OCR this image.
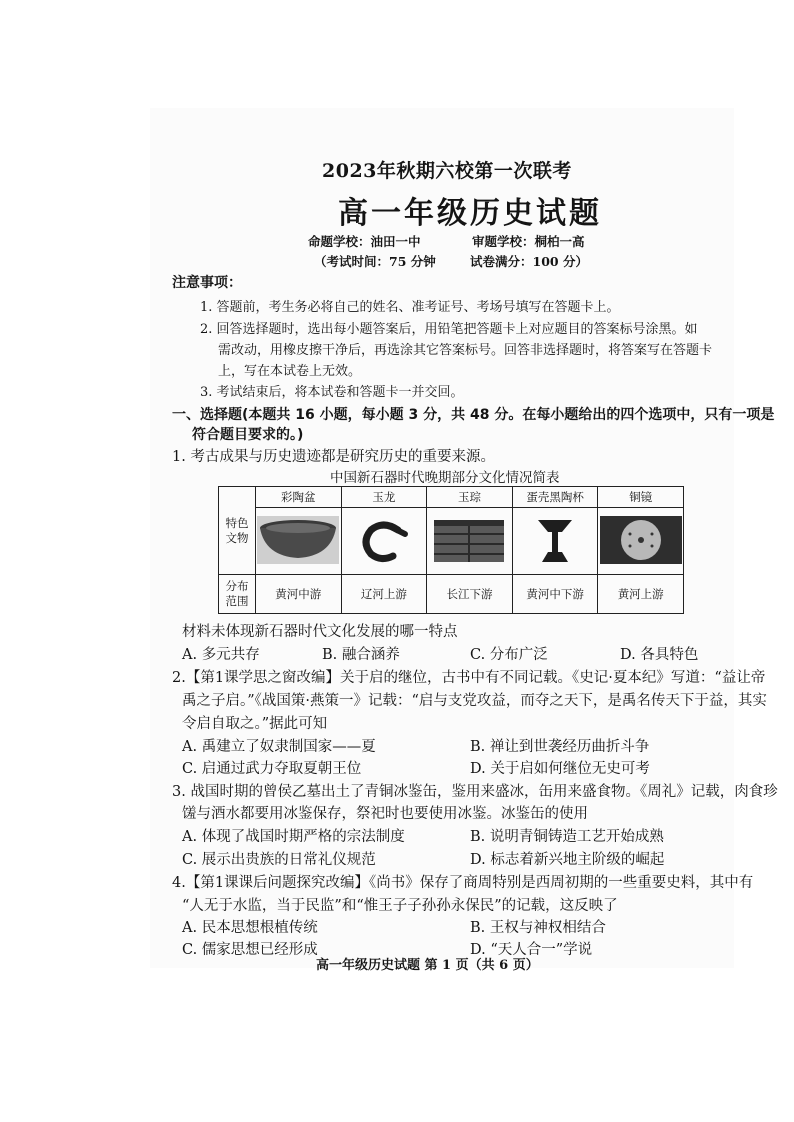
2023年秋期六校第一次联考
高一年级历史试题
命题学校：油田一中	审题学校：桐柏一高
（考试时间：75 分钟	试卷满分：100 分）
注意事项：
1. 答题前，考生务必将自己的姓名、准考证号、考场号填写在答题卡上。
2. 回答选择题时，选出每小题答案后，用铅笔把答题卡上对应题目的答案标号涂黑。如
需改动，用橡皮擦干净后，再选涂其它答案标号。回答非选择题时，将答案写在答题卡
上，写在本试卷上无效。
3. 考试结束后，将本试卷和答题卡一并交回。
一、选择题(本题共 16 小题，每小题 3 分，共 48 分。在每小题给出的四个选项中，只有一项是
符合题目要求的。)
1. 考古成果与历史遗迹都是研究历史的重要来源。
中国新石器时代晚期部分文化情况简表
特色
文物	彩陶盆	玉龙	玉琮	蛋壳黑陶杯	铜镜

分布
范围	黄河中游	辽河上游	长江下游	黄河中下游	黄河上游
材料未体现新石器时代文化发展的哪一特点
A. 多元共存	B. 融合涵养	C. 分布广泛	D. 各具特色
2.【第1课学思之窗改编】关于启的继位，古书中有不同记载。《史记·夏本纪》写道：“益让帝
禹之子启。”《战国策·燕策一》记载：“启与支党攻益，而夺之天下，是禹名传天下于益，其实
令启自取之。”据此可知
A. 禹建立了奴隶制国家——夏	B. 禅让到世袭经历曲折斗争
C. 启通过武力夺取夏朝王位	D. 关于启如何继位无史可考
3. 战国时期的曾侯乙墓出土了青铜冰鉴缶，鉴用来盛冰，缶用来盛食物。《周礼》记载，肉食珍
馐与酒水都要用冰鉴保存，祭祀时也要使用冰鉴。冰鉴缶的使用
A. 体现了战国时期严格的宗法制度	B. 说明青铜铸造工艺开始成熟
C. 展示出贵族的日常礼仪规范	D. 标志着新兴地主阶级的崛起
4.【第1课课后问题探究改编】《尚书》保存了商周特别是西周初期的一些重要史料，其中有
“人无于水监，当于民监”和“惟王子子孙孙永保民”的记载，这反映了
A. 民本思想根植传统	B. 王权与神权相结合
C. 儒家思想已经形成	D. “天人合一”学说
高一年级历史试题 第 1 页（共 6 页）
